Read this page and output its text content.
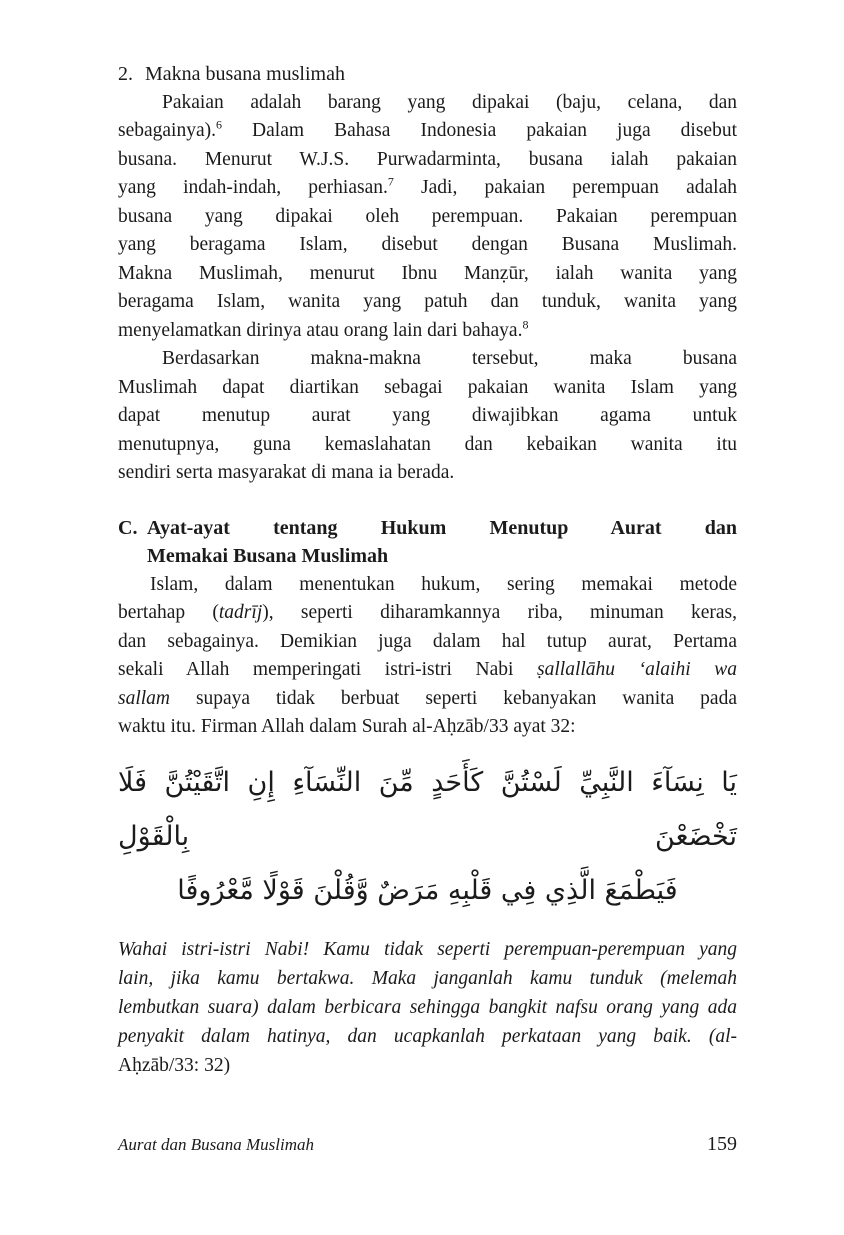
2. Makna busana muslimah
Pakaian adalah barang yang dipakai (baju, celana, dan
sebagainya).$^6$ Dalam Bahasa Indonesia pakaian juga disebut
busana. Menurut W.J.S. Purwadarminta, busana ialah pakaian
yang indah-indah, perhiasan.$^7$ Jadi, pakaian perempuan adalah
busana yang dipakai oleh perempuan. Pakaian perempuan
yang beragama Islam, disebut dengan Busana Muslimah.
Makna Muslimah, menurut Ibnu Manẓūr, ialah wanita yang
beragama Islam, wanita yang patuh dan tunduk, wanita yang
menyelamatkan dirinya atau orang lain dari bahaya.$^8$
Berdasarkan makna-makna tersebut, maka busana
Muslimah dapat diartikan sebagai pakaian wanita Islam yang
dapat menutup aurat yang diwajibkan agama untuk
menutupnya, guna kemaslahatan dan kebaikan wanita itu
sendiri serta masyarakat di mana ia berada.
C. Ayat-ayat tentang Hukum Menutup Aurat dan
Memakai Busana Muslimah
Islam, dalam menentukan hukum, sering memakai metode
bertahap (tadrīj), seperti diharamkannya riba, minuman keras,
dan sebagainya. Demikian juga dalam hal tutup aurat, Pertama
sekali Allah memperingati istri-istri Nabi ṣallallāhu ʻalaihi wa
sallam supaya tidak berbuat seperti kebanyakan wanita pada
waktu itu. Firman Allah dalam Surah al-Aḥzāb/33 ayat 32:
يَا نِسَآءَ النَّبِيِّ لَسْتُنَّ كَأَحَدٍ مِّنَ النِّسَآءِ إِنِ اتَّقَيْتُنَّ فَلَا تَخْضَعْنَ بِالْقَوْلِ
فَيَطْمَعَ الَّذِي فِي قَلْبِهِ مَرَضٌ وَّقُلْنَ قَوْلًا مَّعْرُوفًا
Wahai istri-istri Nabi! Kamu tidak seperti perempuan-perempuan yang
lain, jika kamu bertakwa. Maka janganlah kamu tunduk (melemah
lembutkan suara) dalam berbicara sehingga bangkit nafsu orang yang ada
penyakit dalam hatinya, dan ucapkanlah perkataan yang baik. (al-
Aḥzāb/33: 32)
Aurat dan Busana Muslimah	159
